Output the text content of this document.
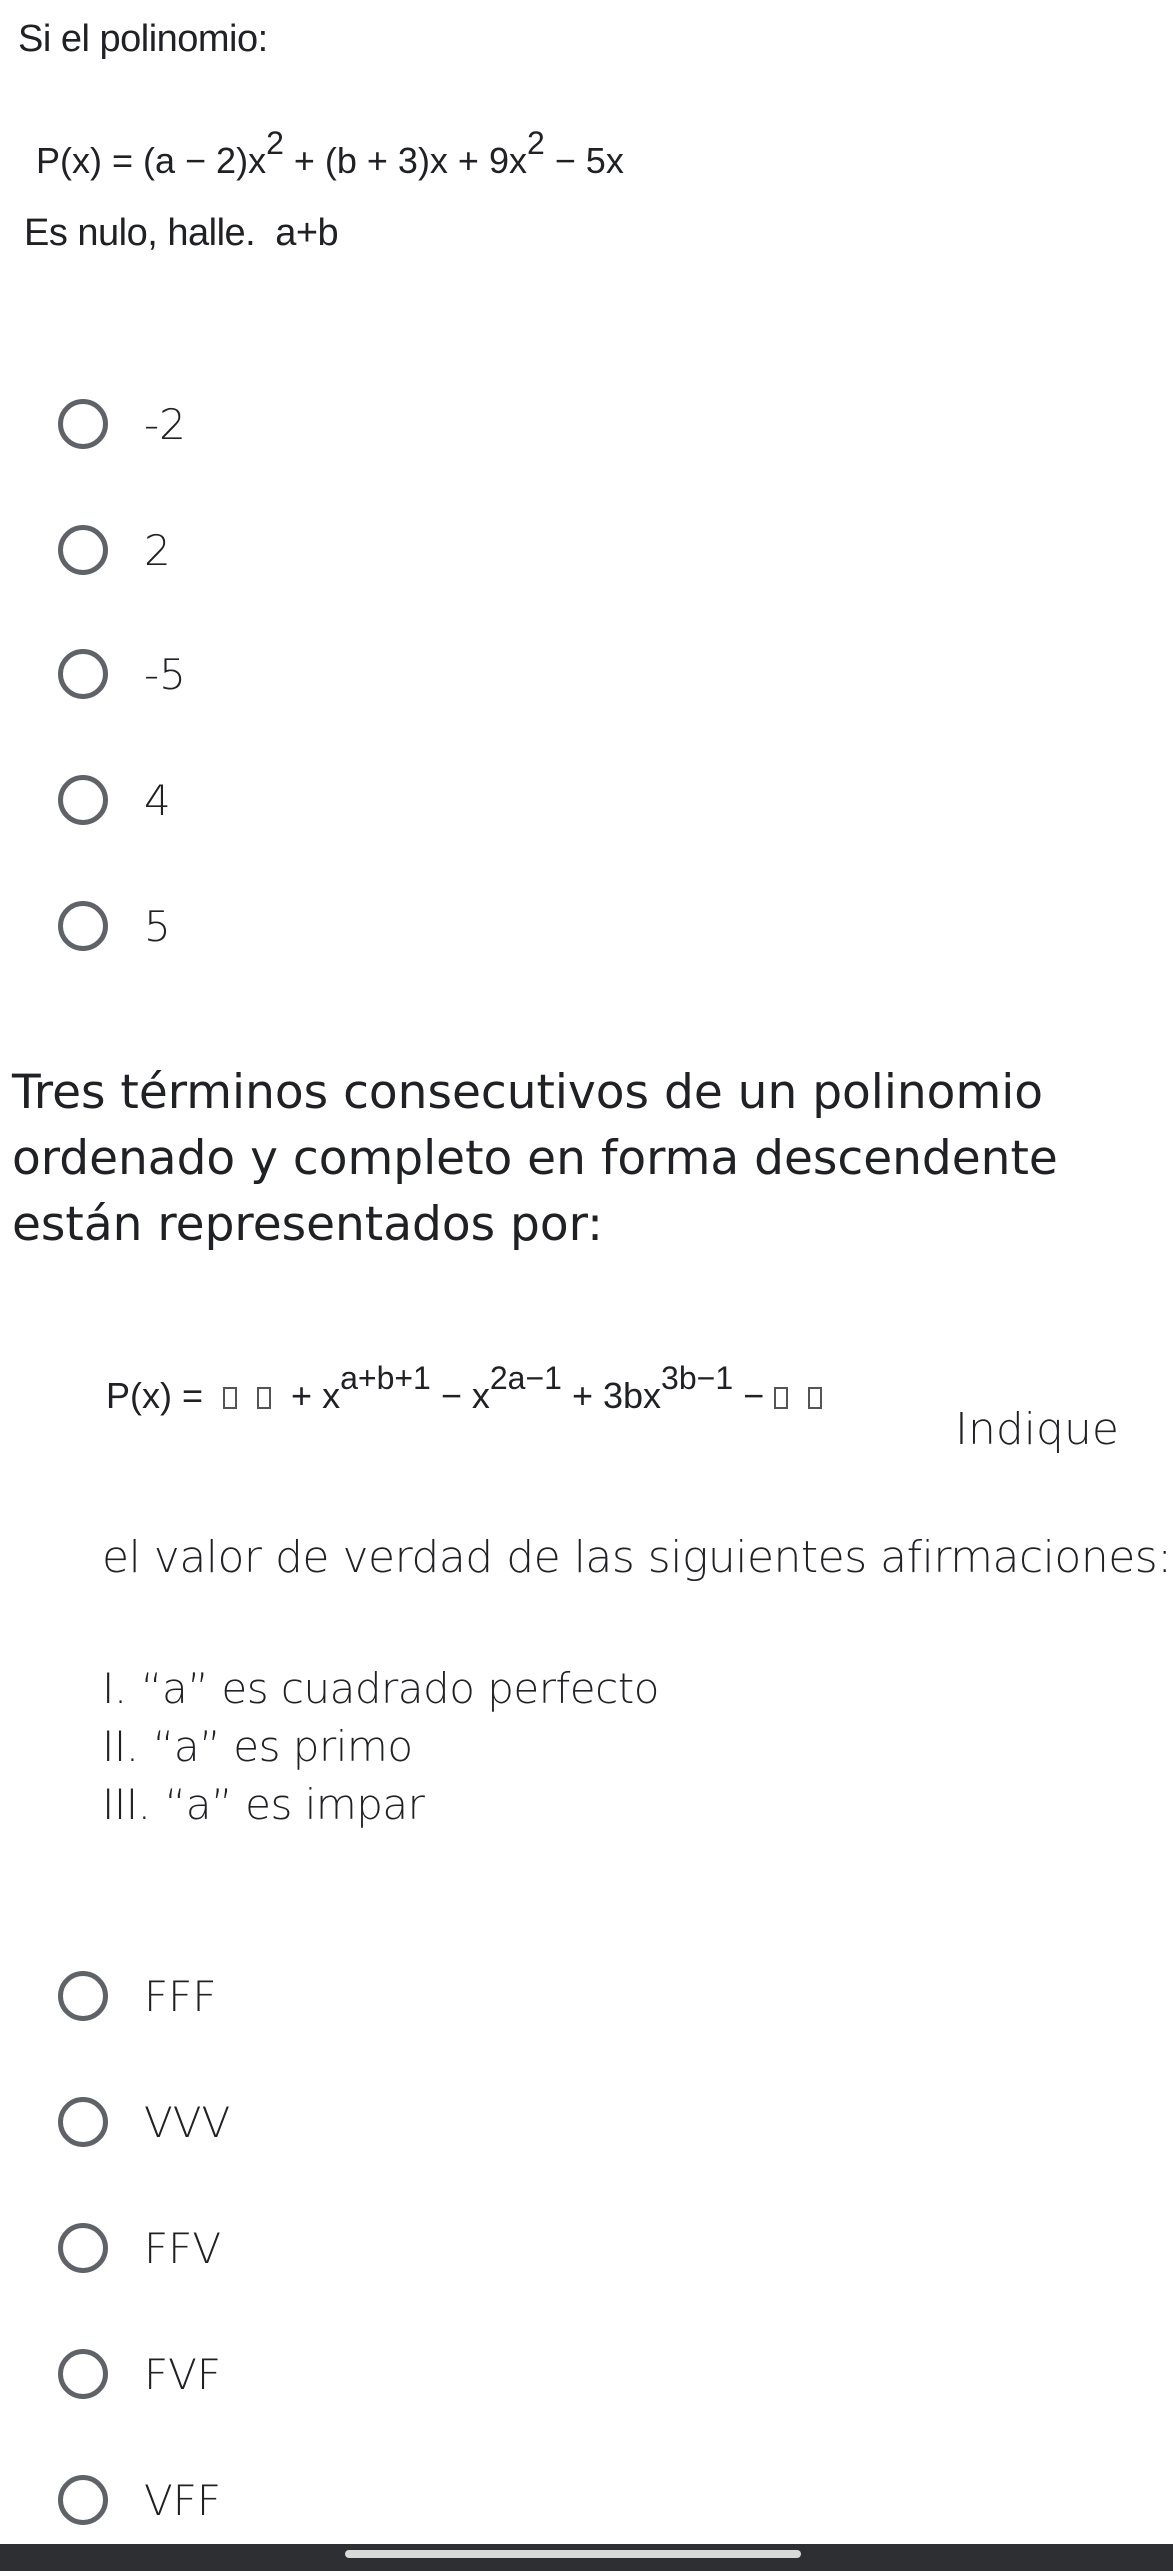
Si el polinomio:
$P(x) = (a - 2)x^2 + (b + 3)x + 9x^2 - 5x$
Es nulo, halle. a+b
-2
2
-5
4
5
Tres términos consecutivos de un polinomio ordenado y completo en forma descendente están representados por:
P(x) = + $x^{a+b+1} - x^{2a-1} + 3bx^{3b-1}$ −
Indique
el valor de verdad de las siguientes afirmaciones:
I. “a” es cuadrado perfecto
II. “a” es primo
III. “a” es impar
FFF
VVV
FFV
FVF
VFF
